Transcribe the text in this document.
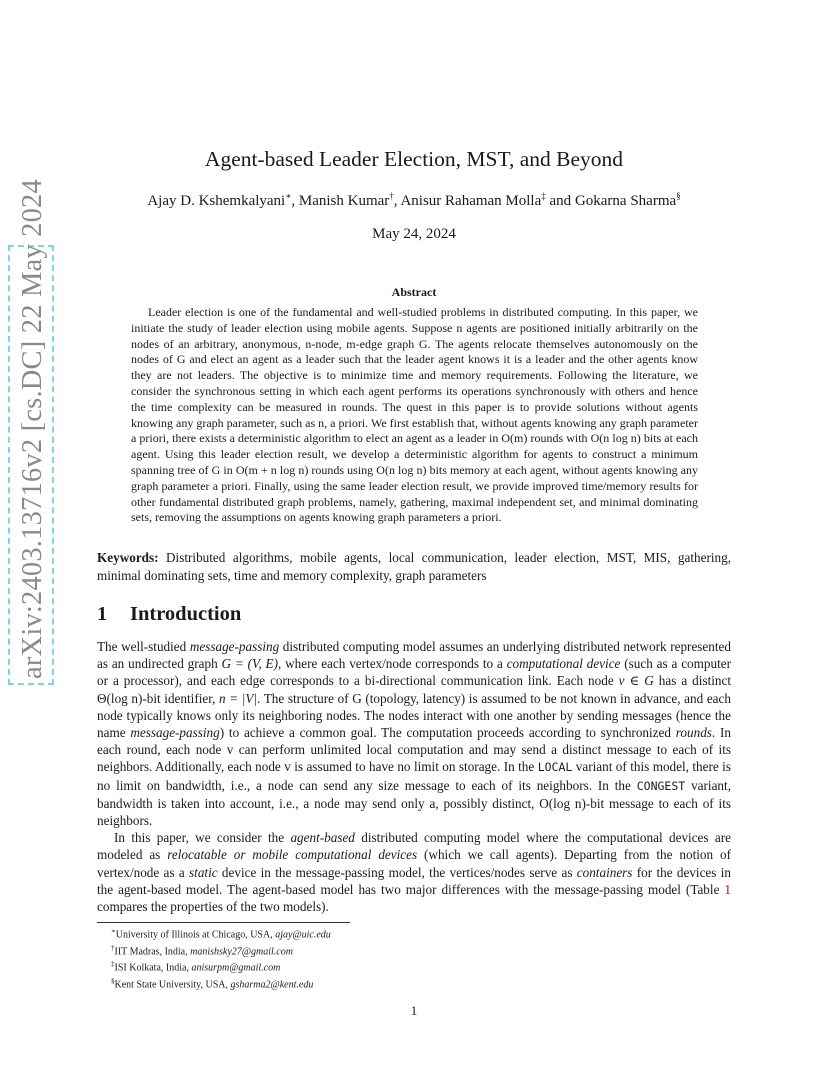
arXiv:2403.13716v2 [cs.DC] 22 May 2024
Agent-based Leader Election, MST, and Beyond
Ajay D. Kshemkalyani∗, Manish Kumar†, Anisur Rahaman Molla‡ and Gokarna Sharma§
May 24, 2024
Abstract

Leader election is one of the fundamental and well-studied problems in distributed computing. In this paper, we initiate the study of leader election using mobile agents. Suppose n agents are positioned initially arbitrarily on the nodes of an arbitrary, anonymous, n-node, m-edge graph G. The agents relocate themselves autonomously on the nodes of G and elect an agent as a leader such that the leader agent knows it is a leader and the other agents know they are not leaders. The objective is to minimize time and memory requirements. Following the literature, we consider the synchronous setting in which each agent performs its operations synchronously with others and hence the time complexity can be measured in rounds. The quest in this paper is to provide solutions without agents knowing any graph parameter, such as n, a priori. We first establish that, without agents knowing any graph parameter a priori, there exists a deterministic algorithm to elect an agent as a leader in O(m) rounds with O(n log n) bits at each agent. Using this leader election result, we develop a deterministic algorithm for agents to construct a minimum spanning tree of G in O(m + n log n) rounds using O(n log n) bits memory at each agent, without agents knowing any graph parameter a priori. Finally, using the same leader election result, we provide improved time/memory results for other fundamental distributed graph problems, namely, gathering, maximal independent set, and minimal dominating sets, removing the assumptions on agents knowing graph parameters a priori.

Keywords: Distributed algorithms, mobile agents, local communication, leader election, MST, MIS, gathering, minimal dominating sets, time and memory complexity, graph parameters

1 Introduction

The well-studied message-passing distributed computing model assumes an underlying distributed network represented as an undirected graph G = (V, E), where each vertex/node corresponds to a computational device (such as a computer or a processor), and each edge corresponds to a bi-directional communication link. Each node v ∈ G has a distinct Θ(log n)-bit identifier, n = |V|. The structure of G (topology, latency) is assumed to be not known in advance, and each node typically knows only its neighboring nodes. The nodes interact with one another by sending messages (hence the name message-passing) to achieve a common goal. The computation proceeds according to synchronized rounds. In each round, each node v can perform unlimited local computation and may send a distinct message to each of its neighbors. Additionally, each node v is assumed to have no limit on storage. In the LOCAL variant of this model, there is no limit on bandwidth, i.e., a node can send any size message to each of its neighbors. In the CONGEST variant, bandwidth is taken into account, i.e., a node may send only a, possibly distinct, O(log n)-bit message to each of its neighbors.

In this paper, we consider the agent-based distributed computing model where the computational devices are modeled as relocatable or mobile computational devices (which we call agents). Departing from the notion of vertex/node as a static device in the message-passing model, the vertices/nodes serve as containers for the devices in the agent-based model. The agent-based model has two major differences with the message-passing model (Table 1 compares the properties of the two models).

∗University of Illinois at Chicago, USA, ajay@uic.edu
†IIT Madras, India, manishsky27@gmail.com
‡ISI Kolkata, India, anisurpm@gmail.com
§Kent State University, USA, gsharma2@kent.edu
1
